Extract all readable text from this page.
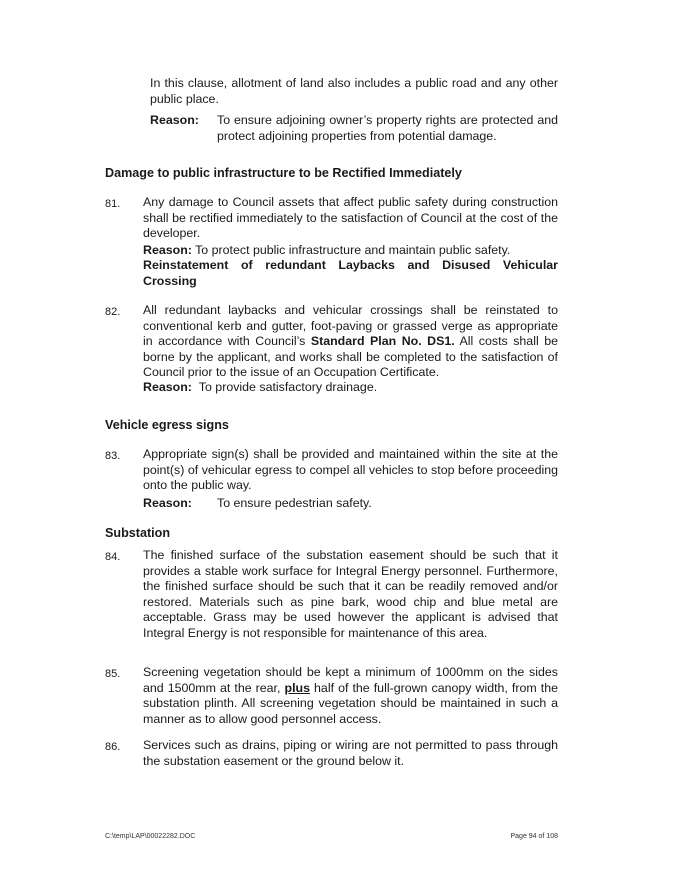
In this clause, allotment of land also includes a public road and any other public place.
Reason: To ensure adjoining owner’s property rights are protected and protect adjoining properties from potential damage.
Damage to public infrastructure to be Rectified Immediately
81. Any damage to Council assets that affect public safety during construction shall be rectified immediately to the satisfaction of Council at the cost of the developer.
Reason: To protect public infrastructure and maintain public safety.
Reinstatement of redundant Laybacks and Disused Vehicular Crossing
82. All redundant laybacks and vehicular crossings shall be reinstated to conventional kerb and gutter, foot-paving or grassed verge as appropriate in accordance with Council’s Standard Plan No. DS1. All costs shall be borne by the applicant, and works shall be completed to the satisfaction of Council prior to the issue of an Occupation Certificate.
Reason: To provide satisfactory drainage.
Vehicle egress signs
83. Appropriate sign(s) shall be provided and maintained within the site at the point(s) of vehicular egress to compel all vehicles to stop before proceeding onto the public way.
Reason: To ensure pedestrian safety.
Substation
84. The finished surface of the substation easement should be such that it provides a stable work surface for Integral Energy personnel. Furthermore, the finished surface should be such that it can be readily removed and/or restored. Materials such as pine bark, wood chip and blue metal are acceptable. Grass may be used however the applicant is advised that Integral Energy is not responsible for maintenance of this area.
85. Screening vegetation should be kept a minimum of 1000mm on the sides and 1500mm at the rear, plus half of the full-grown canopy width, from the substation plinth. All screening vegetation should be maintained in such a manner as to allow good personnel access.
86. Services such as drains, piping or wiring are not permitted to pass through the substation easement or the ground below it.
C:\temp\LAP\00022282.DOC	Page 94 of 108
